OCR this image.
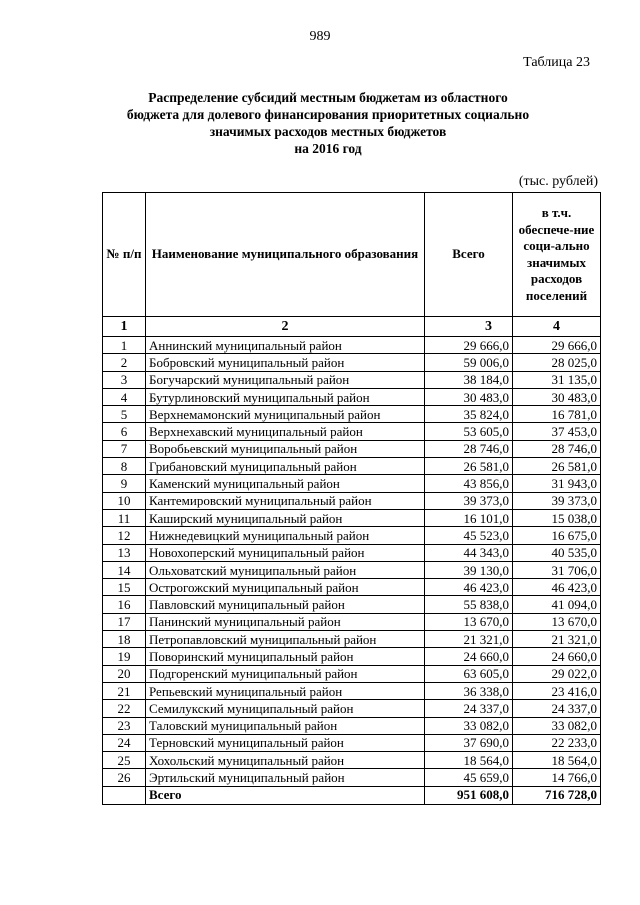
989
Таблица 23
Распределение субсидий местным бюджетам из областного
бюджета для долевого финансирования приоритетных социально
значимых расходов местных бюджетов
на 2016 год
(тыс. рублей)
№ п/п	Наименование муниципального образования	Всего	в т.ч. обеспече-ние соци-ально значимых расходов поселений
1	2	3	4
1	Аннинский муниципальный район	29 666,0	29 666,0
2	Бобровский муниципальный район	59 006,0	28 025,0
3	Богучарский муниципальный район	38 184,0	31 135,0
4	Бутурлиновский муниципальный район	30 483,0	30 483,0
5	Верхнемамонский муниципальный район	35 824,0	16 781,0
6	Верхнехавский муниципальный район	53 605,0	37 453,0
7	Воробьевский муниципальный район	28 746,0	28 746,0
8	Грибановский муниципальный район	26 581,0	26 581,0
9	Каменский муниципальный район	43 856,0	31 943,0
10	Кантемировский муниципальный район	39 373,0	39 373,0
11	Каширский муниципальный район	16 101,0	15 038,0
12	Нижнедевицкий муниципальный район	45 523,0	16 675,0
13	Новохоперский муниципальный район	44 343,0	40 535,0
14	Ольховатский муниципальный район	39 130,0	31 706,0
15	Острогожский муниципальный район	46 423,0	46 423,0
16	Павловский муниципальный район	55 838,0	41 094,0
17	Панинский муниципальный район	13 670,0	13 670,0
18	Петропавловский муниципальный район	21 321,0	21 321,0
19	Поворинский муниципальный район	24 660,0	24 660,0
20	Подгоренский муниципальный район	63 605,0	29 022,0
21	Репьевский муниципальный район	36 338,0	23 416,0
22	Семилукский муниципальный район	24 337,0	24 337,0
23	Таловский муниципальный район	33 082,0	33 082,0
24	Терновский муниципальный район	37 690,0	22 233,0
25	Хохольский муниципальный район	18 564,0	18 564,0
26	Эртильский муниципальный район	45 659,0	14 766,0
	Всего	951 608,0	716 728,0
